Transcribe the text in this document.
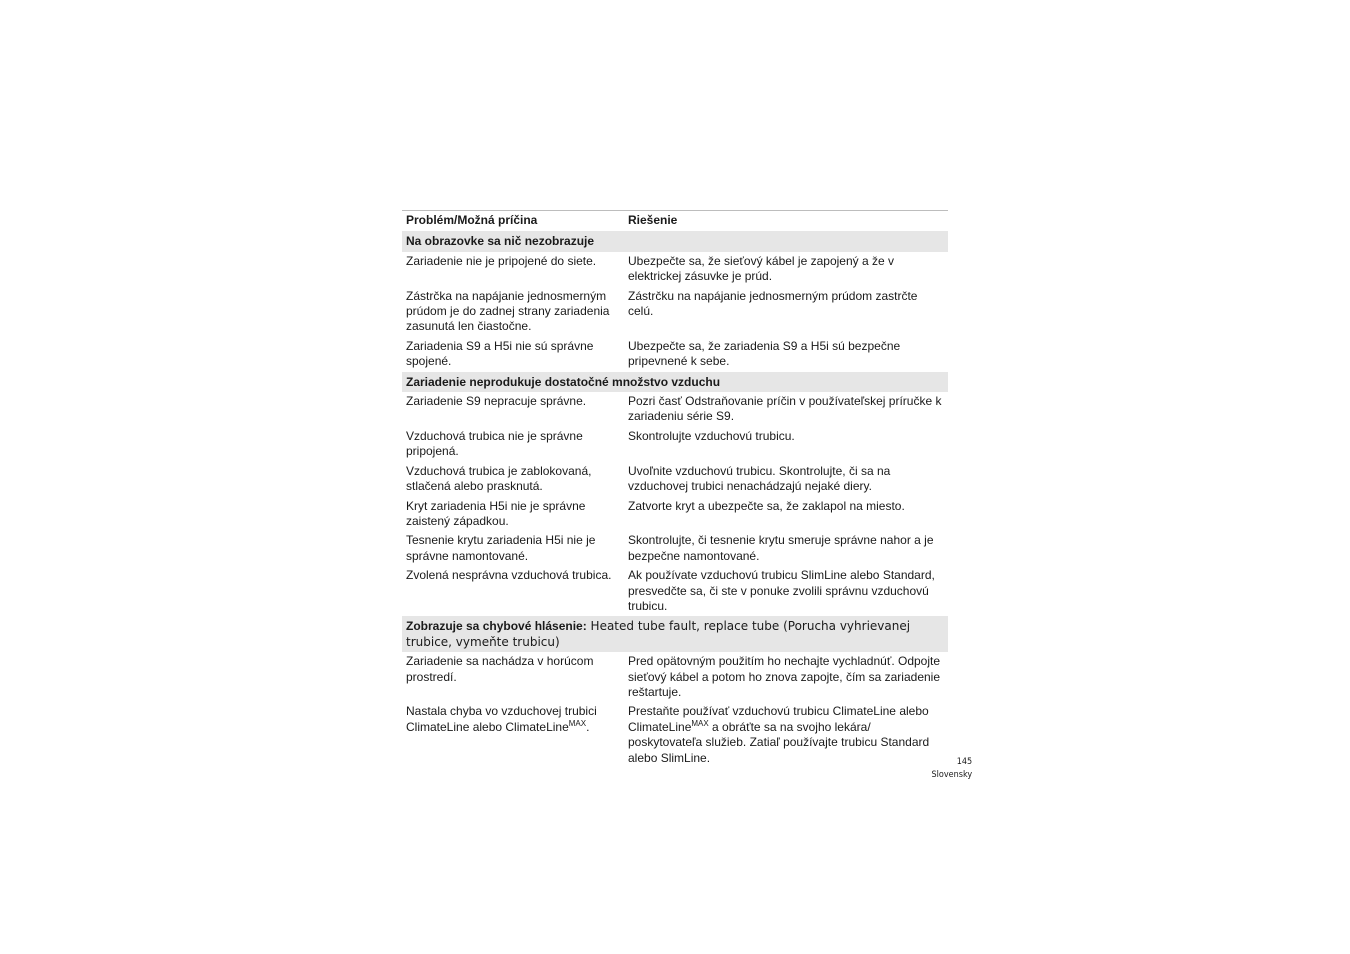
Problém/Možná príčina	Riešenie
Na obrazovke sa nič nezobrazuje	
Zariadenie nie je pripojené do siete.	Ubezpečte sa, že sieťový kábel je zapojený a že v elektrickej zásuvke je prúd.
Zástrčka na napájanie jednosmerným prúdom je do zadnej strany zariadenia zasunutá len čiastočne.	Zástrčku na napájanie jednosmerným prúdom zastrčte celú.
Zariadenia S9 a H5i nie sú správne spojené.	Ubezpečte sa, že zariadenia S9 a H5i sú bezpečne pripevnené k sebe.
Zariadenie neprodukuje dostatočné množstvo vzduchu	
Zariadenie S9 nepracuje správne.	Pozri časť Odstraňovanie príčin v používateľskej príručke k zariadeniu série S9.
Vzduchová trubica nie je správne pripojená.	Skontrolujte vzduchovú trubicu.
Vzduchová trubica je zablokovaná, stlačená alebo prasknutá.	Uvoľnite vzduchovú trubicu. Skontrolujte, či sa na vzduchovej trubici nenachádzajú nejaké diery.
Kryt zariadenia H5i nie je správne zaistený západkou.	Zatvorte kryt a ubezpečte sa, že zaklapol na miesto.
Tesnenie krytu zariadenia H5i nie je správne namontované.	Skontrolujte, či tesnenie krytu smeruje správne nahor a je bezpečne namontované.
Zvolená nesprávna vzduchová trubica.	Ak používate vzduchovú trubicu SlimLine alebo Standard, presvedčte sa, či ste v ponuke zvolili správnu vzduchovú trubicu.
Zobrazuje sa chybové hlásenie: Heated tube fault, replace tube (Porucha vyhrievanej trubice, vymeňte trubicu)	
Zariadenie sa nachádza v horúcom prostredí.	Pred opätovným použitím ho nechajte vychladnúť. Odpojte sieťový kábel a potom ho znova zapojte, čím sa zariadenie reštartuje.
Nastala chyba vo vzduchovej trubici ClimateLine alebo ClimateLine$^{MAX}$.	Prestaňte používať vzduchovú trubicu ClimateLine alebo ClimateLine$^{MAX}$ a obráťte sa na svojho lekára/ poskytovateľa služieb. Zatiaľ používajte trubicu Standard alebo SlimLine.	145
Slovensky
